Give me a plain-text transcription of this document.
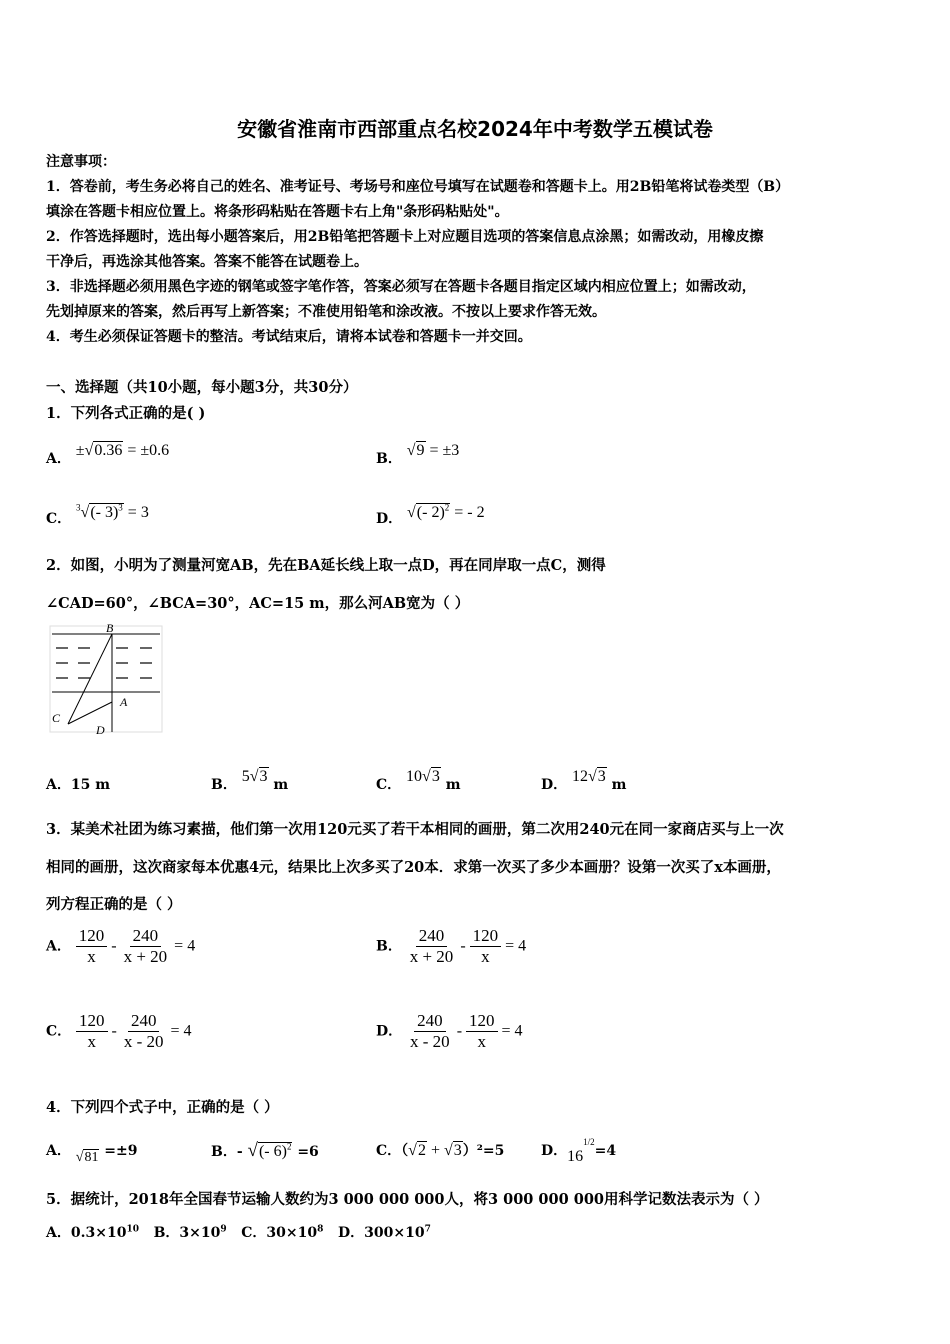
安徽省淮南市西部重点名校2024年中考数学五模试卷
注意事项：
1．答卷前，考生务必将自己的姓名、准考证号、考场号和座位号填写在试题卷和答题卡上。用2B铅笔将试卷类型（B）
填涂在答题卡相应位置上。将条形码粘贴在答题卡右上角"条形码粘贴处"。
2．作答选择题时，选出每小题答案后，用2B铅笔把答题卡上对应题目选项的答案信息点涂黑；如需改动，用橡皮擦
干净后，再选涂其他答案。答案不能答在试题卷上。
3．非选择题必须用黑色字迹的钢笔或签字笔作答，答案必须写在答题卡各题目指定区域内相应位置上；如需改动，
先划掉原来的答案，然后再写上新答案；不准使用铅笔和涂改液。不按以上要求作答无效。
4．考生必须保证答题卡的整洁。考试结束后，请将本试卷和答题卡一并交回。
一、选择题（共10小题，每小题3分，共30分）
1．下列各式正确的是( )
A． ±√0.36 = ±0.6	B． √9 = ±3
C． $^3$√(- 3)$^3$ = 3	D． √(- 2)$^2$ = - 2
2．如图，小明为了测量河宽AB，先在BA延长线上取一点D，再在同岸取一点C，测得
∠CAD=60°，∠BCA=30°，AC=15 m，那么河AB宽为（ ）
B
A
C
D
A．15 m	B． 5√3 m	C． 10√3 m	D． 12√3 m
3．某美术社团为练习素描，他们第一次用120元买了若干本相同的画册，第二次用240元在同一家商店买与上一次
相同的画册，这次商家每本优惠4元，结果比上次多买了20本．求第一次买了多少本画册？设第一次买了x本画册，
列方程正确的是（ ）
A． $\frac{120}{x} - \frac{240}{x + 20} = 4$	B． $\frac{240}{x + 20} - \frac{120}{x} = 4$
C． $\frac{120}{x} - \frac{240}{x - 20} = 4$	D． $\frac{240}{x - 20} - \frac{120}{x} = 4$
4．下列四个式子中，正确的是（ ）
A． √81 =±9	B．- √(- 6)$^2$ =6	C．（√2 + √3）²=5	D．$16^{1/2}=4$
5．据统计，2018年全国春节运输人数约为3 000 000 000人，将3 000 000 000用科学记数法表示为（ ）
A．$0.3\times 10^{10}$ B．$3\times 10^9$ C．$30\times 10^8$ D．$300\times 10^7$
